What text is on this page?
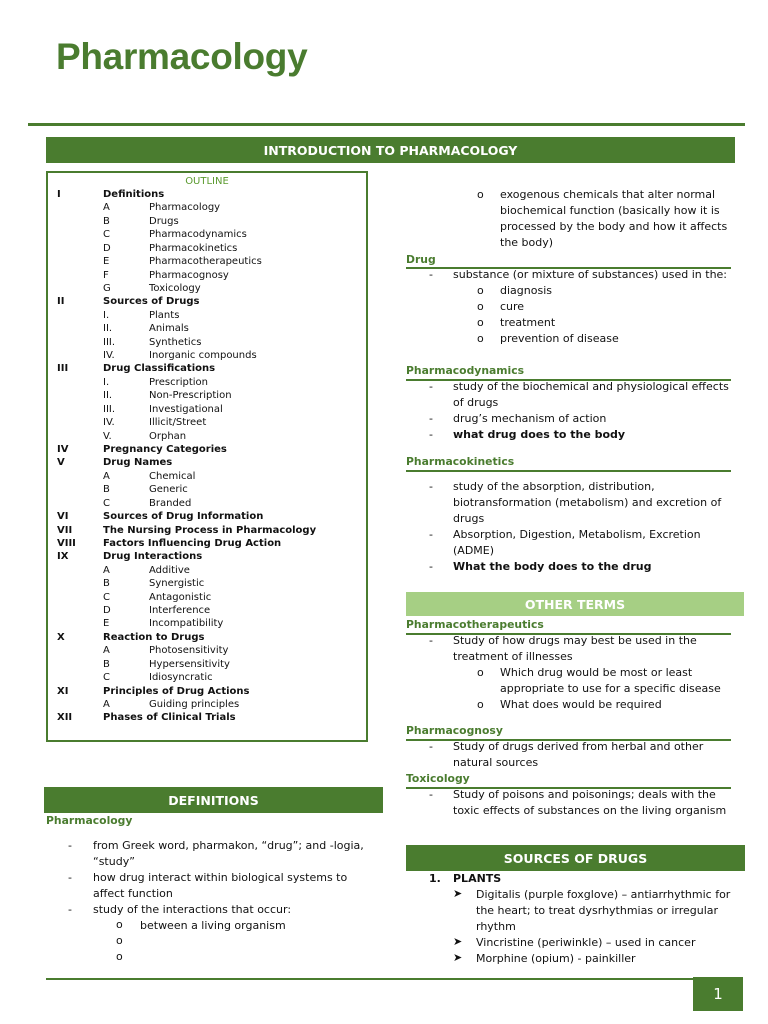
Pharmacology
INTRODUCTION TO PHARMACOLOGY
OUTLINE
I	Definitions
A	Pharmacology
B	Drugs
C	Pharmacodynamics
D	Pharmacokinetics
E	Pharmacotherapeutics
F	Pharmacognosy
G	Toxicology
II	Sources of Drugs
I.	Plants
II.	Animals
III.	Synthetics
IV.	Inorganic compounds
III	Drug Classifications
I.	Prescription
II.	Non-Prescription
III.	Investigational
IV.	Illicit/Street
V.	Orphan
IV	Pregnancy Categories
V	Drug Names
A	Chemical
B	Generic
C	Branded
VI	Sources of Drug Information
VII	The Nursing Process in Pharmacology
VIII	Factors Influencing Drug Action
IX	Drug Interactions
A	Additive
B	Synergistic
C	Antagonistic
D	Interference
E	Incompatibility
X	Reaction to Drugs
A	Photosensitivity
B	Hypersensitivity
C	Idiosyncratic
XI	Principles of Drug Actions
A	Guiding principles
XII	Phases of Clinical Trials
DEFINITIONS
Pharmacology
- from Greek word, pharmakon, “drug”; and -logia,
“study”
- how drug interact within biological systems to
affect function
- study of the interactions that occur:
o between a living organism
o
o
o exogenous chemicals that alter normal
biochemical function (basically how it is
processed by the body and how it affects
the body)
Drug
- substance (or mixture of substances) used in the:
o diagnosis
o cure
o treatment
o prevention of disease
Pharmacodynamics
- study of the biochemical and physiological effects
of drugs
- drug’s mechanism of action
- what drug does to the body
Pharmacokinetics
- study of the absorption, distribution,
biotransformation (metabolism) and excretion of
drugs
- Absorption, Digestion, Metabolism, Excretion
(ADME)
- What the body does to the drug
OTHER TERMS
Pharmacotherapeutics
- Study of how drugs may best be used in the
treatment of illnesses
o Which drug would be most or least
appropriate to use for a specific disease
o What does would be required
Pharmacognosy
- Study of drugs derived from herbal and other
natural sources
Toxicology
- Study of poisons and poisonings; deals with the
toxic effects of substances on the living organism
SOURCES OF DRUGS
1. PLANTS
➤ Digitalis (purple foxglove) – antiarrhythmic for
the heart; to treat dysrhythmias or irregular
rhythm
➤ Vincristine (periwinkle) – used in cancer
➤ Morphine (opium) - painkiller
1
